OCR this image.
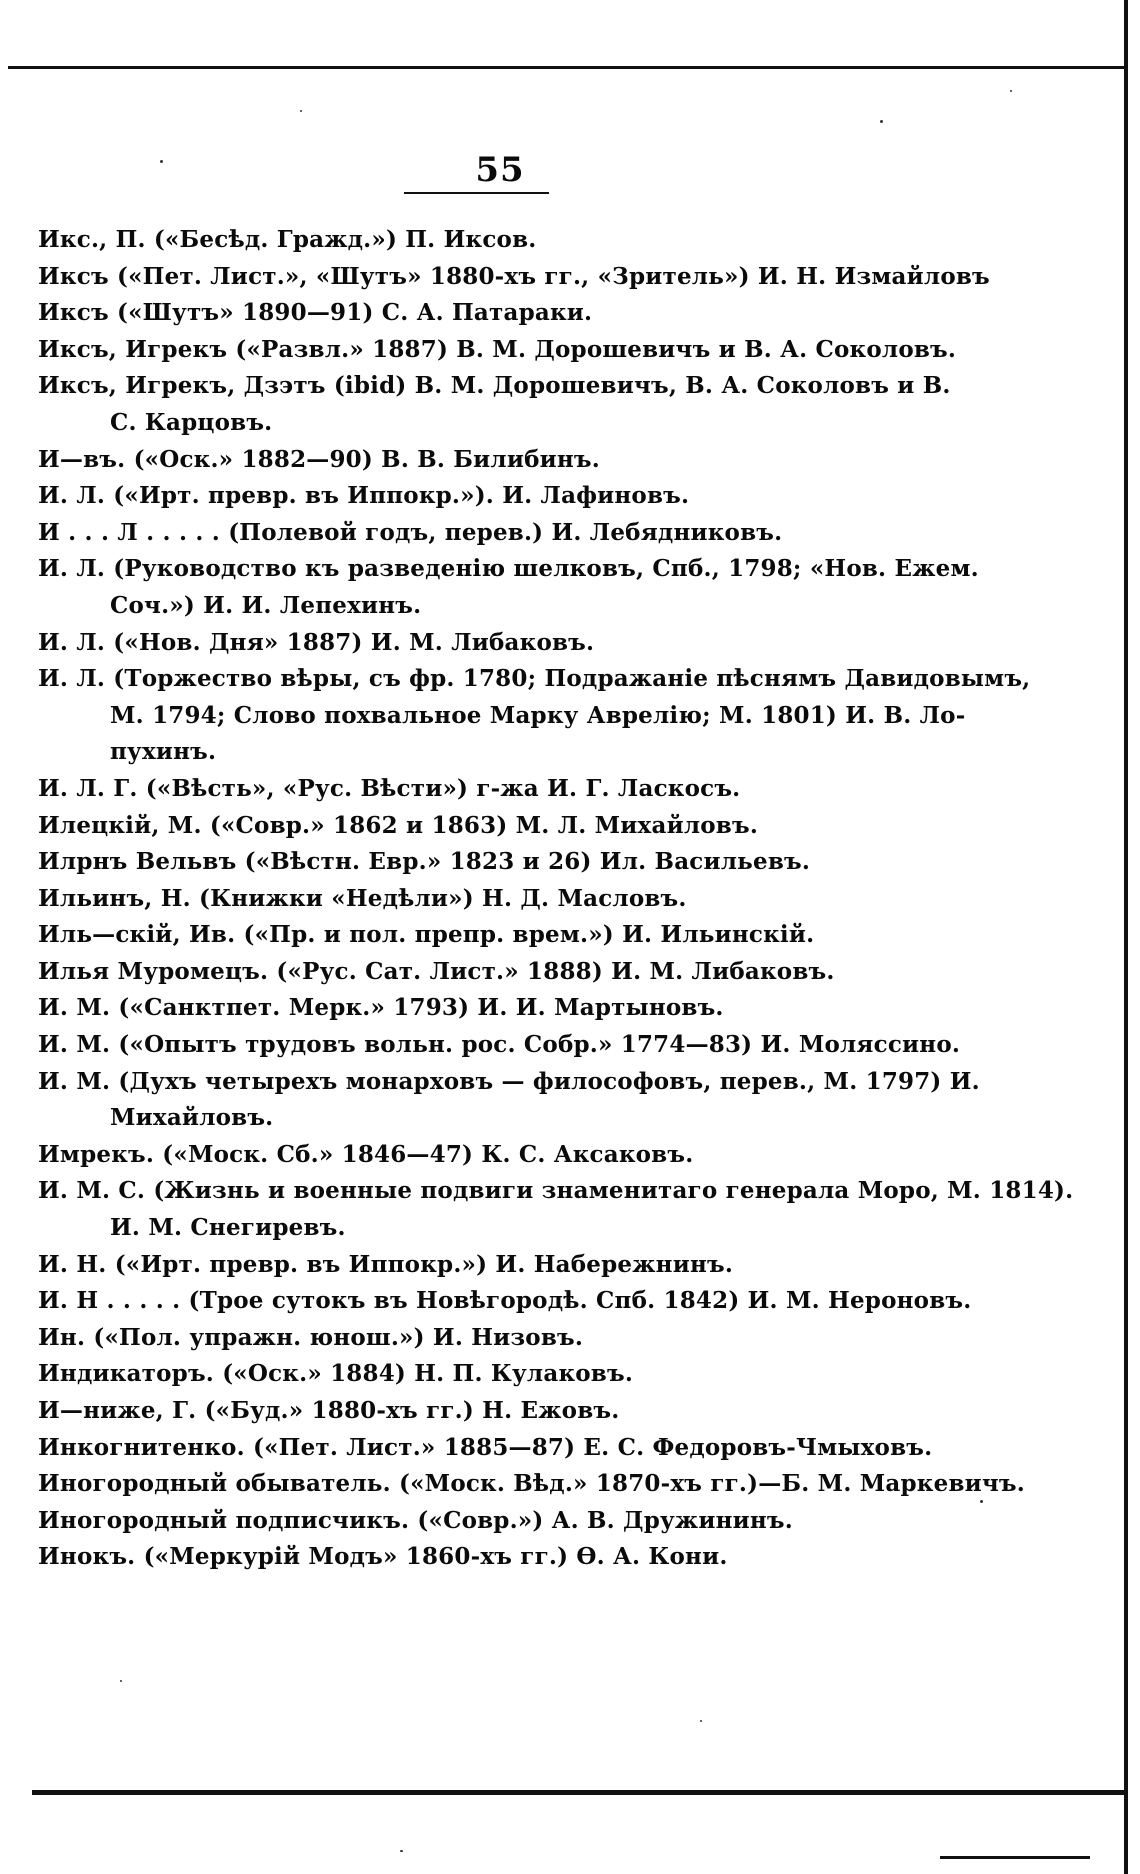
55
Икс., П. («Бесѣд. Гражд.») П. Иксов.
Иксъ («Пет. Лист.», «Шутъ» 1880-хъ гг., «Зритель») И. Н. Измайловъ
Иксъ («Шутъ» 1890—91) С. А. Патараки.
Иксъ, Игрекъ («Развл.» 1887) В. М. Дорошевичъ и В. А. Соколовъ.
Иксъ, Игрекъ, Дзэтъ (ibid) В. М. Дорошевичъ, В. А. Соколовъ и В.
С. Карцовъ.
И—въ. («Оск.» 1882—90) В. В. Билибинъ.
И. Л. («Ирт. превр. въ Иппокр.»). И. Лафиновъ.
И . . . Л . . . . . (Полевой годъ, перев.) И. Лебядниковъ.
И. Л. (Руководство къ разведенію шелковъ, Спб., 1798; «Нов. Ежем.
Соч.») И. И. Лепехинъ.
И. Л. («Нов. Дня» 1887) И. М. Либаковъ.
И. Л. (Торжество вѣры, съ фр. 1780; Подражаніе пѣснямъ Давидовымъ,
М. 1794; Слово похвальное Марку Аврелію; М. 1801) И. В. Ло-
пухинъ.
И. Л. Г. («Вѣсть», «Рус. Вѣсти») г-жа И. Г. Ласкосъ.
Илецкій, М. («Совр.» 1862 и 1863) М. Л. Михайловъ.
Илрнъ Вельвъ («Вѣстн. Евр.» 1823 и 26) Ил. Васильевъ.
Ильинъ, Н. (Книжки «Недѣли») Н. Д. Масловъ.
Иль—скій, Ив. («Пр. и пол. препр. врем.») И. Ильинскій.
Илья Муромецъ. («Рус. Сат. Лист.» 1888) И. М. Либаковъ.
И. М. («Санктпет. Мерк.» 1793) И. И. Мартыновъ.
И. М. («Опытъ трудовъ вольн. рос. Собр.» 1774—83) И. Моляссино.
И. М. (Духъ четырехъ монарховъ — философовъ, перев., М. 1797) И.
Михайловъ.
Имрекъ. («Моск. Сб.» 1846—47) К. С. Аксаковъ.
И. М. С. (Жизнь и военные подвиги знаменитаго генерала Моро, М. 1814).
И. М. Снегиревъ.
И. Н. («Ирт. превр. въ Иппокр.») И. Набережнинъ.
И. Н . . . . . (Трое сутокъ въ Новѣгородѣ. Спб. 1842) И. М. Нероновъ.
Ин. («Пол. упражн. юнош.») И. Низовъ.
Индикаторъ. («Оск.» 1884) Н. П. Кулаковъ.
И—ниже, Г. («Буд.» 1880-хъ гг.) Н. Ежовъ.
Инкогнитенко. («Пет. Лист.» 1885—87) Е. С. Федоровъ-Чмыховъ.
Иногородный обыватель. («Моск. Вѣд.» 1870-хъ гг.)—Б. М. Маркевичъ.
Иногородный подписчикъ. («Совр.») А. В. Дружининъ.
Инокъ. («Меркурій Модъ» 1860-хъ гг.) Ѳ. А. Кони.
